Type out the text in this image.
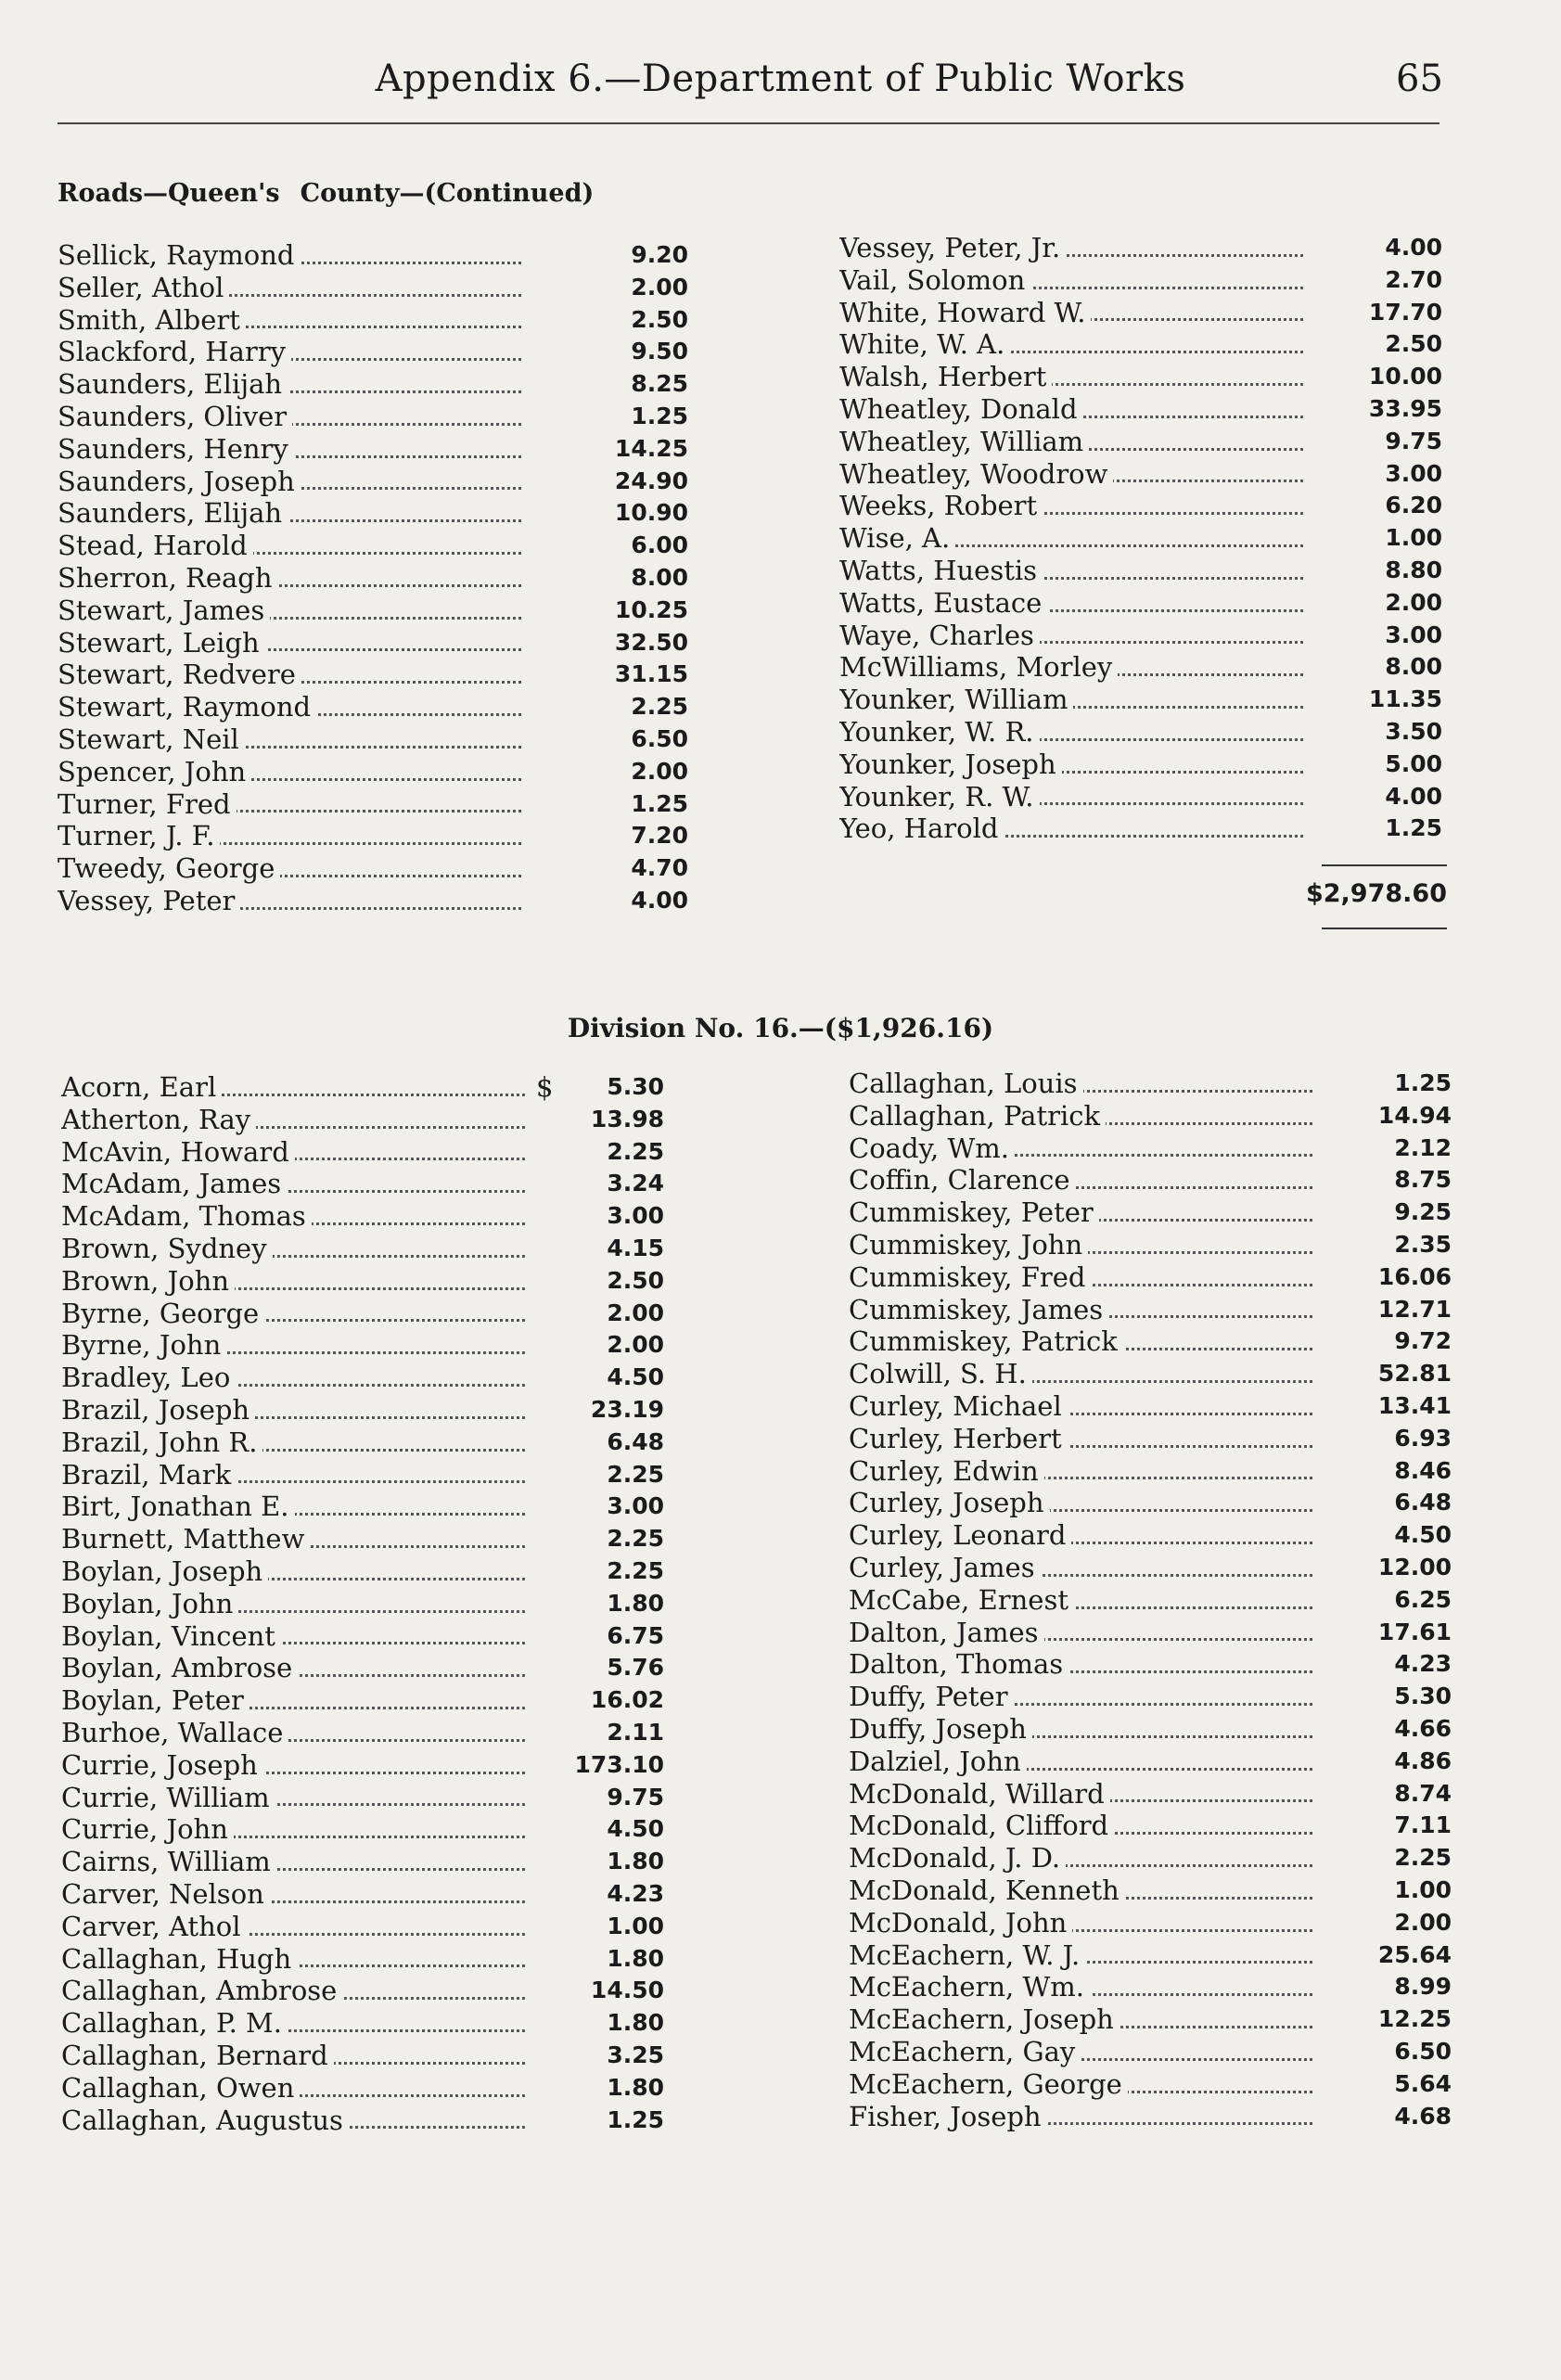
Appendix 6.—Department of Public Works	65
Roads—Queen's County—(Continued)
Sellick, Raymond	9.20
Seller, Athol	2.00
Smith, Albert	2.50
Slackford, Harry	9.50
Saunders, Elijah	8.25
Saunders, Oliver	1.25
Saunders, Henry	14.25
Saunders, Joseph	24.90
Saunders, Elijah	10.90
Stead, Harold	6.00
Sherron, Reagh	8.00
Stewart, James	10.25
Stewart, Leigh	32.50
Stewart, Redvere	31.15
Stewart, Raymond	2.25
Stewart, Neil	6.50
Spencer, John	2.00
Turner, Fred	1.25
Turner, J. F.	7.20
Tweedy, George	4.70
Vessey, Peter	4.00
Vessey, Peter, Jr.	4.00
Vail, Solomon	2.70
White, Howard W.	17.70
White, W. A.	2.50
Walsh, Herbert	10.00
Wheatley, Donald	33.95
Wheatley, William	9.75
Wheatley, Woodrow	3.00
Weeks, Robert	6.20
Wise, A.	1.00
Watts, Huestis	8.80
Watts, Eustace	2.00
Waye, Charles	3.00
McWilliams, Morley	8.00
Younker, William	11.35
Younker, W. R.	3.50
Younker, Joseph	5.00
Younker, R. W.	4.00
Yeo, Harold	1.25
$2,978.60
Division No. 16.—($1,926.16)
$
Acorn, Earl	5.30
Atherton, Ray	13.98
McAvin, Howard	2.25
McAdam, James	3.24
McAdam, Thomas	3.00
Brown, Sydney	4.15
Brown, John	2.50
Byrne, George	2.00
Byrne, John	2.00
Bradley, Leo	4.50
Brazil, Joseph	23.19
Brazil, John R.	6.48
Brazil, Mark	2.25
Birt, Jonathan E.	3.00
Burnett, Matthew	2.25
Boylan, Joseph	2.25
Boylan, John	1.80
Boylan, Vincent	6.75
Boylan, Ambrose	5.76
Boylan, Peter	16.02
Burhoe, Wallace	2.11
Currie, Joseph	173.10
Currie, William	9.75
Currie, John	4.50
Cairns, William	1.80
Carver, Nelson	4.23
Carver, Athol	1.00
Callaghan, Hugh	1.80
Callaghan, Ambrose	14.50
Callaghan, P. M.	1.80
Callaghan, Bernard	3.25
Callaghan, Owen	1.80
Callaghan, Augustus	1.25
Callaghan, Louis	1.25
Callaghan, Patrick	14.94
Coady, Wm.	2.12
Coffin, Clarence	8.75
Cummiskey, Peter	9.25
Cummiskey, John	2.35
Cummiskey, Fred	16.06
Cummiskey, James	12.71
Cummiskey, Patrick	9.72
Colwill, S. H.	52.81
Curley, Michael	13.41
Curley, Herbert	6.93
Curley, Edwin	8.46
Curley, Joseph	6.48
Curley, Leonard	4.50
Curley, James	12.00
McCabe, Ernest	6.25
Dalton, James	17.61
Dalton, Thomas	4.23
Duffy, Peter	5.30
Duffy, Joseph	4.66
Dalziel, John	4.86
McDonald, Willard	8.74
McDonald, Clifford	7.11
McDonald, J. D.	2.25
McDonald, Kenneth	1.00
McDonald, John	2.00
McEachern, W. J.	25.64
McEachern, Wm.	8.99
McEachern, Joseph	12.25
McEachern, Gay	6.50
McEachern, George	5.64
Fisher, Joseph	4.68
